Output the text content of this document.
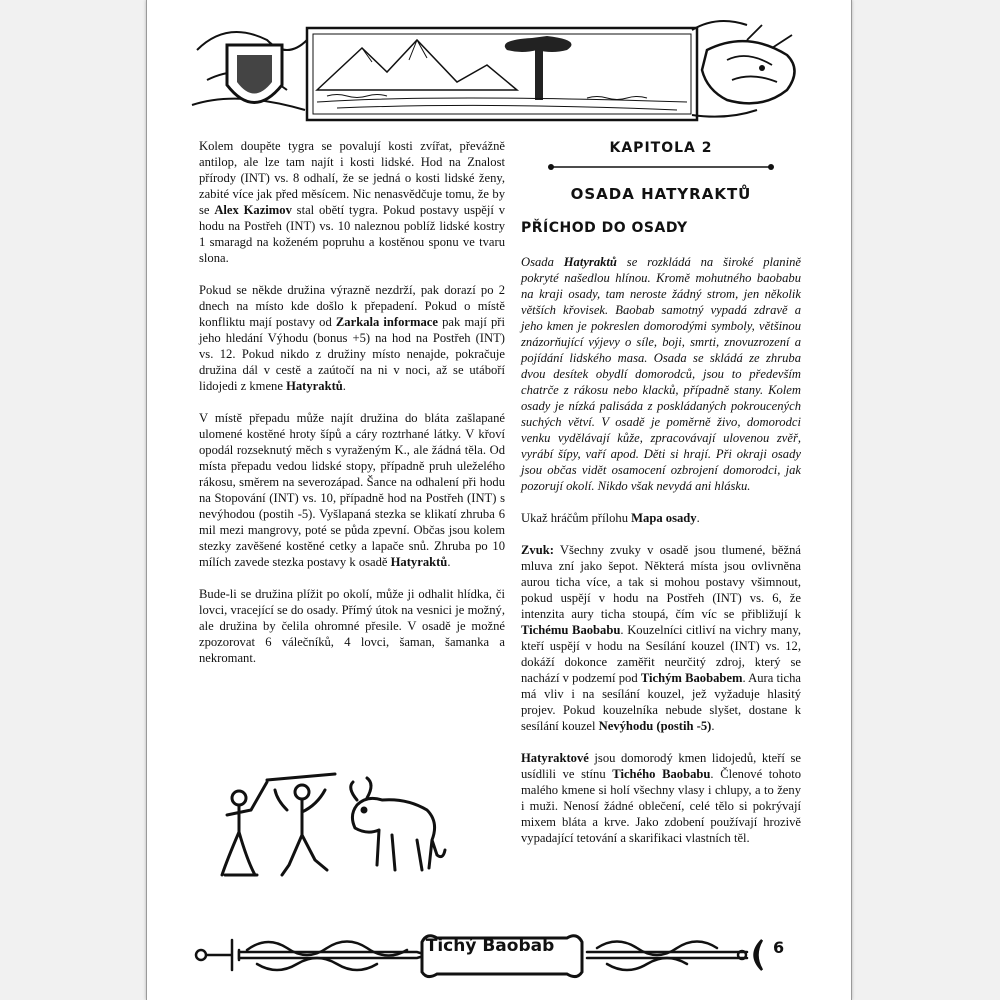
Kolem doupěte tygra se povalují kosti zvířat, převážně antilop, ale lze tam najít i kosti lidské. Hod na Znalost přírody (INT) vs. 8 odhalí, že se jedná o kosti lidské ženy, zabité více jak před měsícem. Nic nenasvědčuje tomu, že by se Alex Kazimov stal obětí tygra. Pokud postavy uspějí v hodu na Postřeh (INT) vs. 10 naleznou poblíž lidské kostry 1 smaragd na koženém popruhu a kostěnou sponu ve tvaru slona.

Pokud se někde družina výrazně nezdrží, pak dorazí po 2 dnech na místo kde došlo k přepadení. Pokud o místě konfliktu mají postavy od Zarkala informace pak mají při jeho hledání Výhodu (bonus +5) na hod na Postřeh (INT) vs. 12. Pokud nikdo z družiny místo nenajde, pokračuje družina dál v cestě a zaútočí na ni v noci, až se utáboří lidojedi z kmene Hatyraktů.

V místě přepadu může najít družina do bláta zašlapané ulomené kostěné hroty šípů a cáry roztrhané látky. V křoví opodál rozseknutý měch s vyraženým K., ale žádná těla. Od místa přepadu vedou lidské stopy, případně pruh uleželého rákosu, směrem na severozápad. Šance na odhalení při hodu na Stopování (INT) vs. 10, případně hod na Postřeh (INT) s nevýhodou (postih -5). Vyšlapaná stezka se klikatí zhruba 6 mil mezi mangrovy, poté se půda zpevní. Občas jsou kolem stezky zavěšené kostěné cetky a lapače snů. Zhruba po 10 mílích zavede stezka postavy k osadě Hatyraktů.

Bude-li se družina plížit po okolí, může ji odhalit hlídka, či lovci, vracející se do osady. Přímý útok na vesnici je možný, ale družina by čelila ohromné přesile. V osadě je možné zpozorovat 6 válečníků, 4 lovci, šaman, šamanka a nekromant.

KAPITOLA 2
OSADA HATYRAKTŮ
PŘÍCHOD DO OSADY

Osada Hatyraktů se rozkládá na široké planině pokryté našedlou hlínou. Kromě mohutného baobabu na kraji osady, tam neroste žádný strom, jen několik větších křovisek. Baobab samotný vypadá zdravě a jeho kmen je pokreslen domorodými symboly, většinou znázorňující výjevy o síle, boji, smrti, znovuzrození a pojídání lidského masa. Osada se skládá ze zhruba dvou desítek obydlí domorodců, jsou to především chatrče z rákosu nebo klacků, případně stany. Kolem osady je nízká palisáda z poskládaných pokroucených suchých větví. V osadě je poměrně živo, domorodci venku vydělávají kůže, zpracovávají ulovenou zvěř, vyrábí šípy, vaří apod. Děti si hrají. Při okraji osady jsou občas vidět osamocení ozbrojení domorodci, jak pozorují okolí. Nikdo však nevydá ani hlásku.

Ukaž hráčům přílohu Mapa osady.

Zvuk: Všechny zvuky v osadě jsou tlumené, běžná mluva zní jako šepot. Některá místa jsou ovlivněna aurou ticha více, a tak si mohou postavy všimnout, pokud uspějí v hodu na Postřeh (INT) vs. 6, že intenzita aury ticha stoupá, čím víc se přibližují k Tichému Baobabu. Kouzelníci citliví na vichry many, kteří uspějí v hodu na Sesílání kouzel (INT) vs. 12, dokáží dokonce zaměřit neurčitý zdroj, který se nachází v podzemí pod Tichým Baobabem. Aura ticha má vliv i na sesílání kouzel, jež vyžaduje hlasitý projev. Pokud kouzelníka nebude slyšet, dostane k sesílání kouzel Nevýhodu (postih -5).

Hatyraktové jsou domorodý kmen lidojedů, kteří se usídlili ve stínu Tichého Baobabu. Členové tohoto malého kmene si holí všechny vlasy i chlupy, a to ženy i muži. Nenosí žádné oblečení, celé tělo si pokrývají mixem bláta a krve. Jako zdobení používají hrozivě vypadající tetování a skarifikaci vlastních těl.

Tichý Baobab	6
